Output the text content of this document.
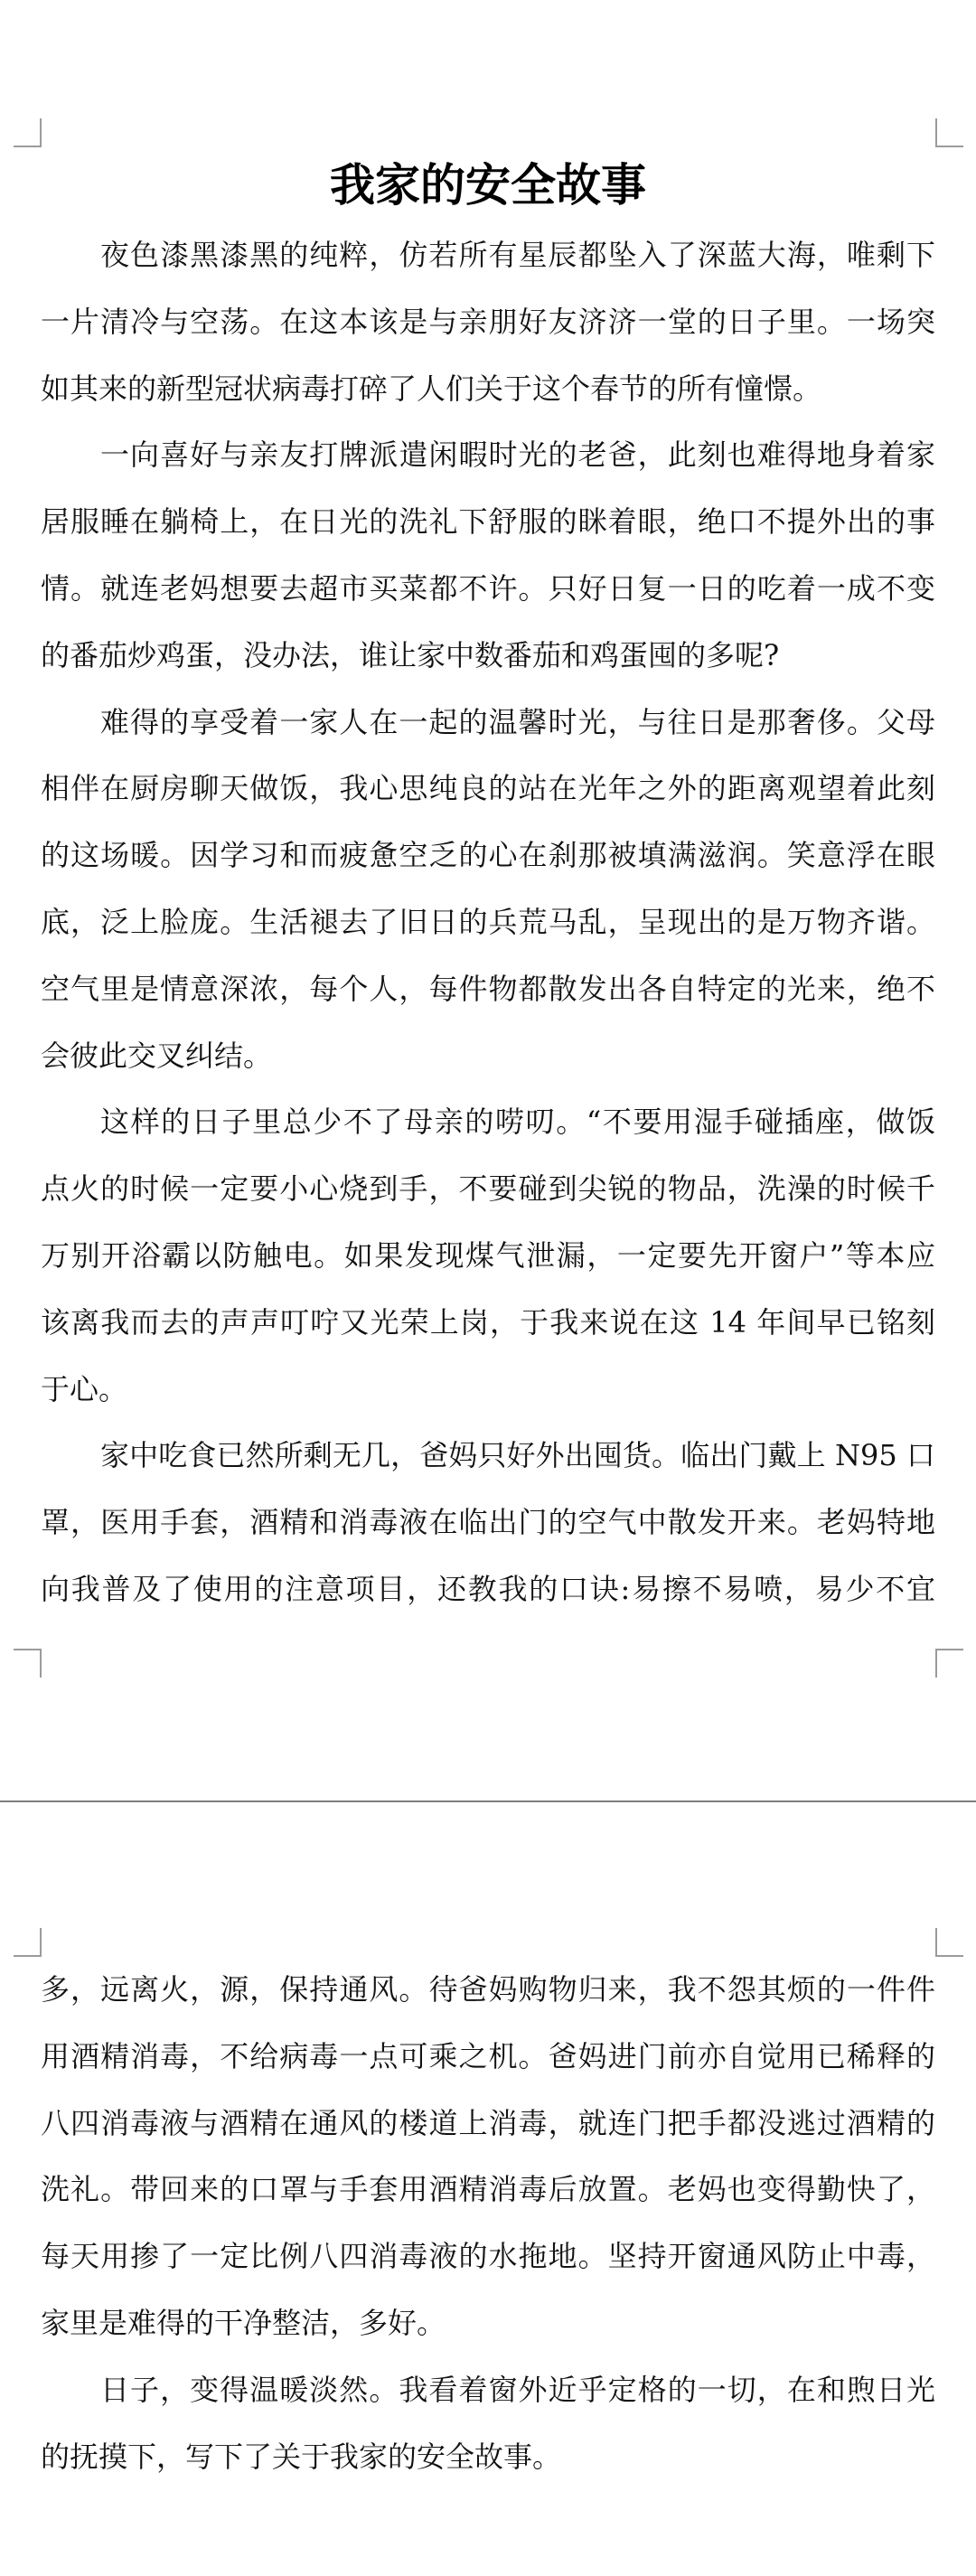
我家的安全故事
夜色漆黑漆黑的纯粹，仿若所有星辰都坠入了深蓝大海，唯剩下
一片清冷与空荡。在这本该是与亲朋好友济济一堂的日子里。一场突
如其来的新型冠状病毒打碎了人们关于这个春节的所有憧憬。
一向喜好与亲友打牌派遣闲暇时光的老爸，此刻也难得地身着家
居服睡在躺椅上，在日光的洗礼下舒服的眯着眼，绝口不提外出的事
情。就连老妈想要去超市买菜都不许。只好日复一日的吃着一成不变
的番茄炒鸡蛋，没办法，谁让家中数番茄和鸡蛋囤的多呢?
难得的享受着一家人在一起的温馨时光，与往日是那奢侈。父母
相伴在厨房聊天做饭，我心思纯良的站在光年之外的距离观望着此刻
的这场暖。因学习和而疲惫空乏的心在刹那被填满滋润。笑意浮在眼
底，泛上脸庞。生活褪去了旧日的兵荒马乱，呈现出的是万物齐谐。
空气里是情意深浓，每个人，每件物都散发出各自特定的光来，绝不
会彼此交叉纠结。
这样的日子里总少不了母亲的唠叨。“不要用湿手碰插座，做饭
点火的时候一定要小心烧到手，不要碰到尖锐的物品，洗澡的时候千
万别开浴霸以防触电。如果发现煤气泄漏，一定要先开窗户”等本应
该离我而去的声声叮咛又光荣上岗，于我来说在这 14 年间早已铭刻
于心。
家中吃食已然所剩无几，爸妈只好外出囤货。临出门戴上 N95 口
罩，医用手套，酒精和消毒液在临出门的空气中散发开来。老妈特地
向我普及了使用的注意项目，还教我的口诀:易擦不易喷，易少不宜
多，远离火，源，保持通风。待爸妈购物归来，我不怨其烦的一件件
用酒精消毒，不给病毒一点可乘之机。爸妈进门前亦自觉用已稀释的
八四消毒液与酒精在通风的楼道上消毒，就连门把手都没逃过酒精的
洗礼。带回来的口罩与手套用酒精消毒后放置。老妈也变得勤快了，
每天用掺了一定比例八四消毒液的水拖地。坚持开窗通风防止中毒，
家里是难得的干净整洁，多好。
日子，变得温暖淡然。我看着窗外近乎定格的一切，在和煦日光
的抚摸下，写下了关于我家的安全故事。
